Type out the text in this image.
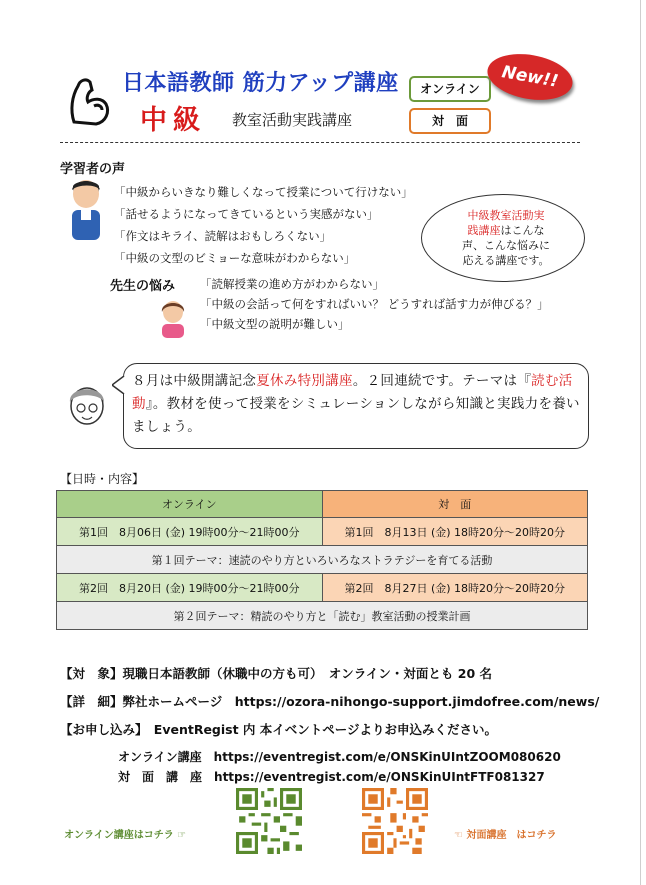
日本語教師 筋力アップ講座
中級 教室活動実践講座
オンライン
対　面
New!!
学習者の声
「中級からいきなり難しくなって授業について行けない」
「話せるようになってきているという実感がない」
「作文はキライ、読解はおもしろくない」
「中級の文型のビミョーな意味がわからない」
中級教室活動実
践講座はこんな
声、こんな悩みに
応える講座です。
先生の悩み 「読解授業の進め方がわからない」
「中級の会話って何をすればいい？ どうすれば話す力が伸びる？」
「中級文型の説明が難しい」
８月は中級開講記念夏休み特別講座。２回連続です。テーマは『読む活動』。教材を使って授業をシミュレーションしながら知識と実践力を養いましょう。
【日時・内容】
オンライン	対　面
第1回　8月06日 (金) 19時00分～21時00分	第1回　8月13日 (金) 18時20分～20時20分
第１回テーマ：速読のやり方といろいろなストラテジーを育てる活動	
第2回　8月20日 (金) 19時00分～21時00分	第2回　8月27日 (金) 18時20分～20時20分
第２回テーマ：精読のやり方と「読む」教室活動の授業計画	
【対　象】現職日本語教師（休職中の方も可）　オンライン・対面とも 20 名
【詳　細】弊社ホームページ　https://ozora-nihongo-support.jimdofree.com/news/
【お申し込み】　 EventRegist 内 本イベントページよりお申込みください。
オンライン講座　 https://eventregist.com/e/ONSKinUIntZOOM080620
対　面　講　座　 https://eventregist.com/e/ONSKinUIntFTF081327
オンライン講座はコチラ ☞	☜ 対面講座　はコチラ
